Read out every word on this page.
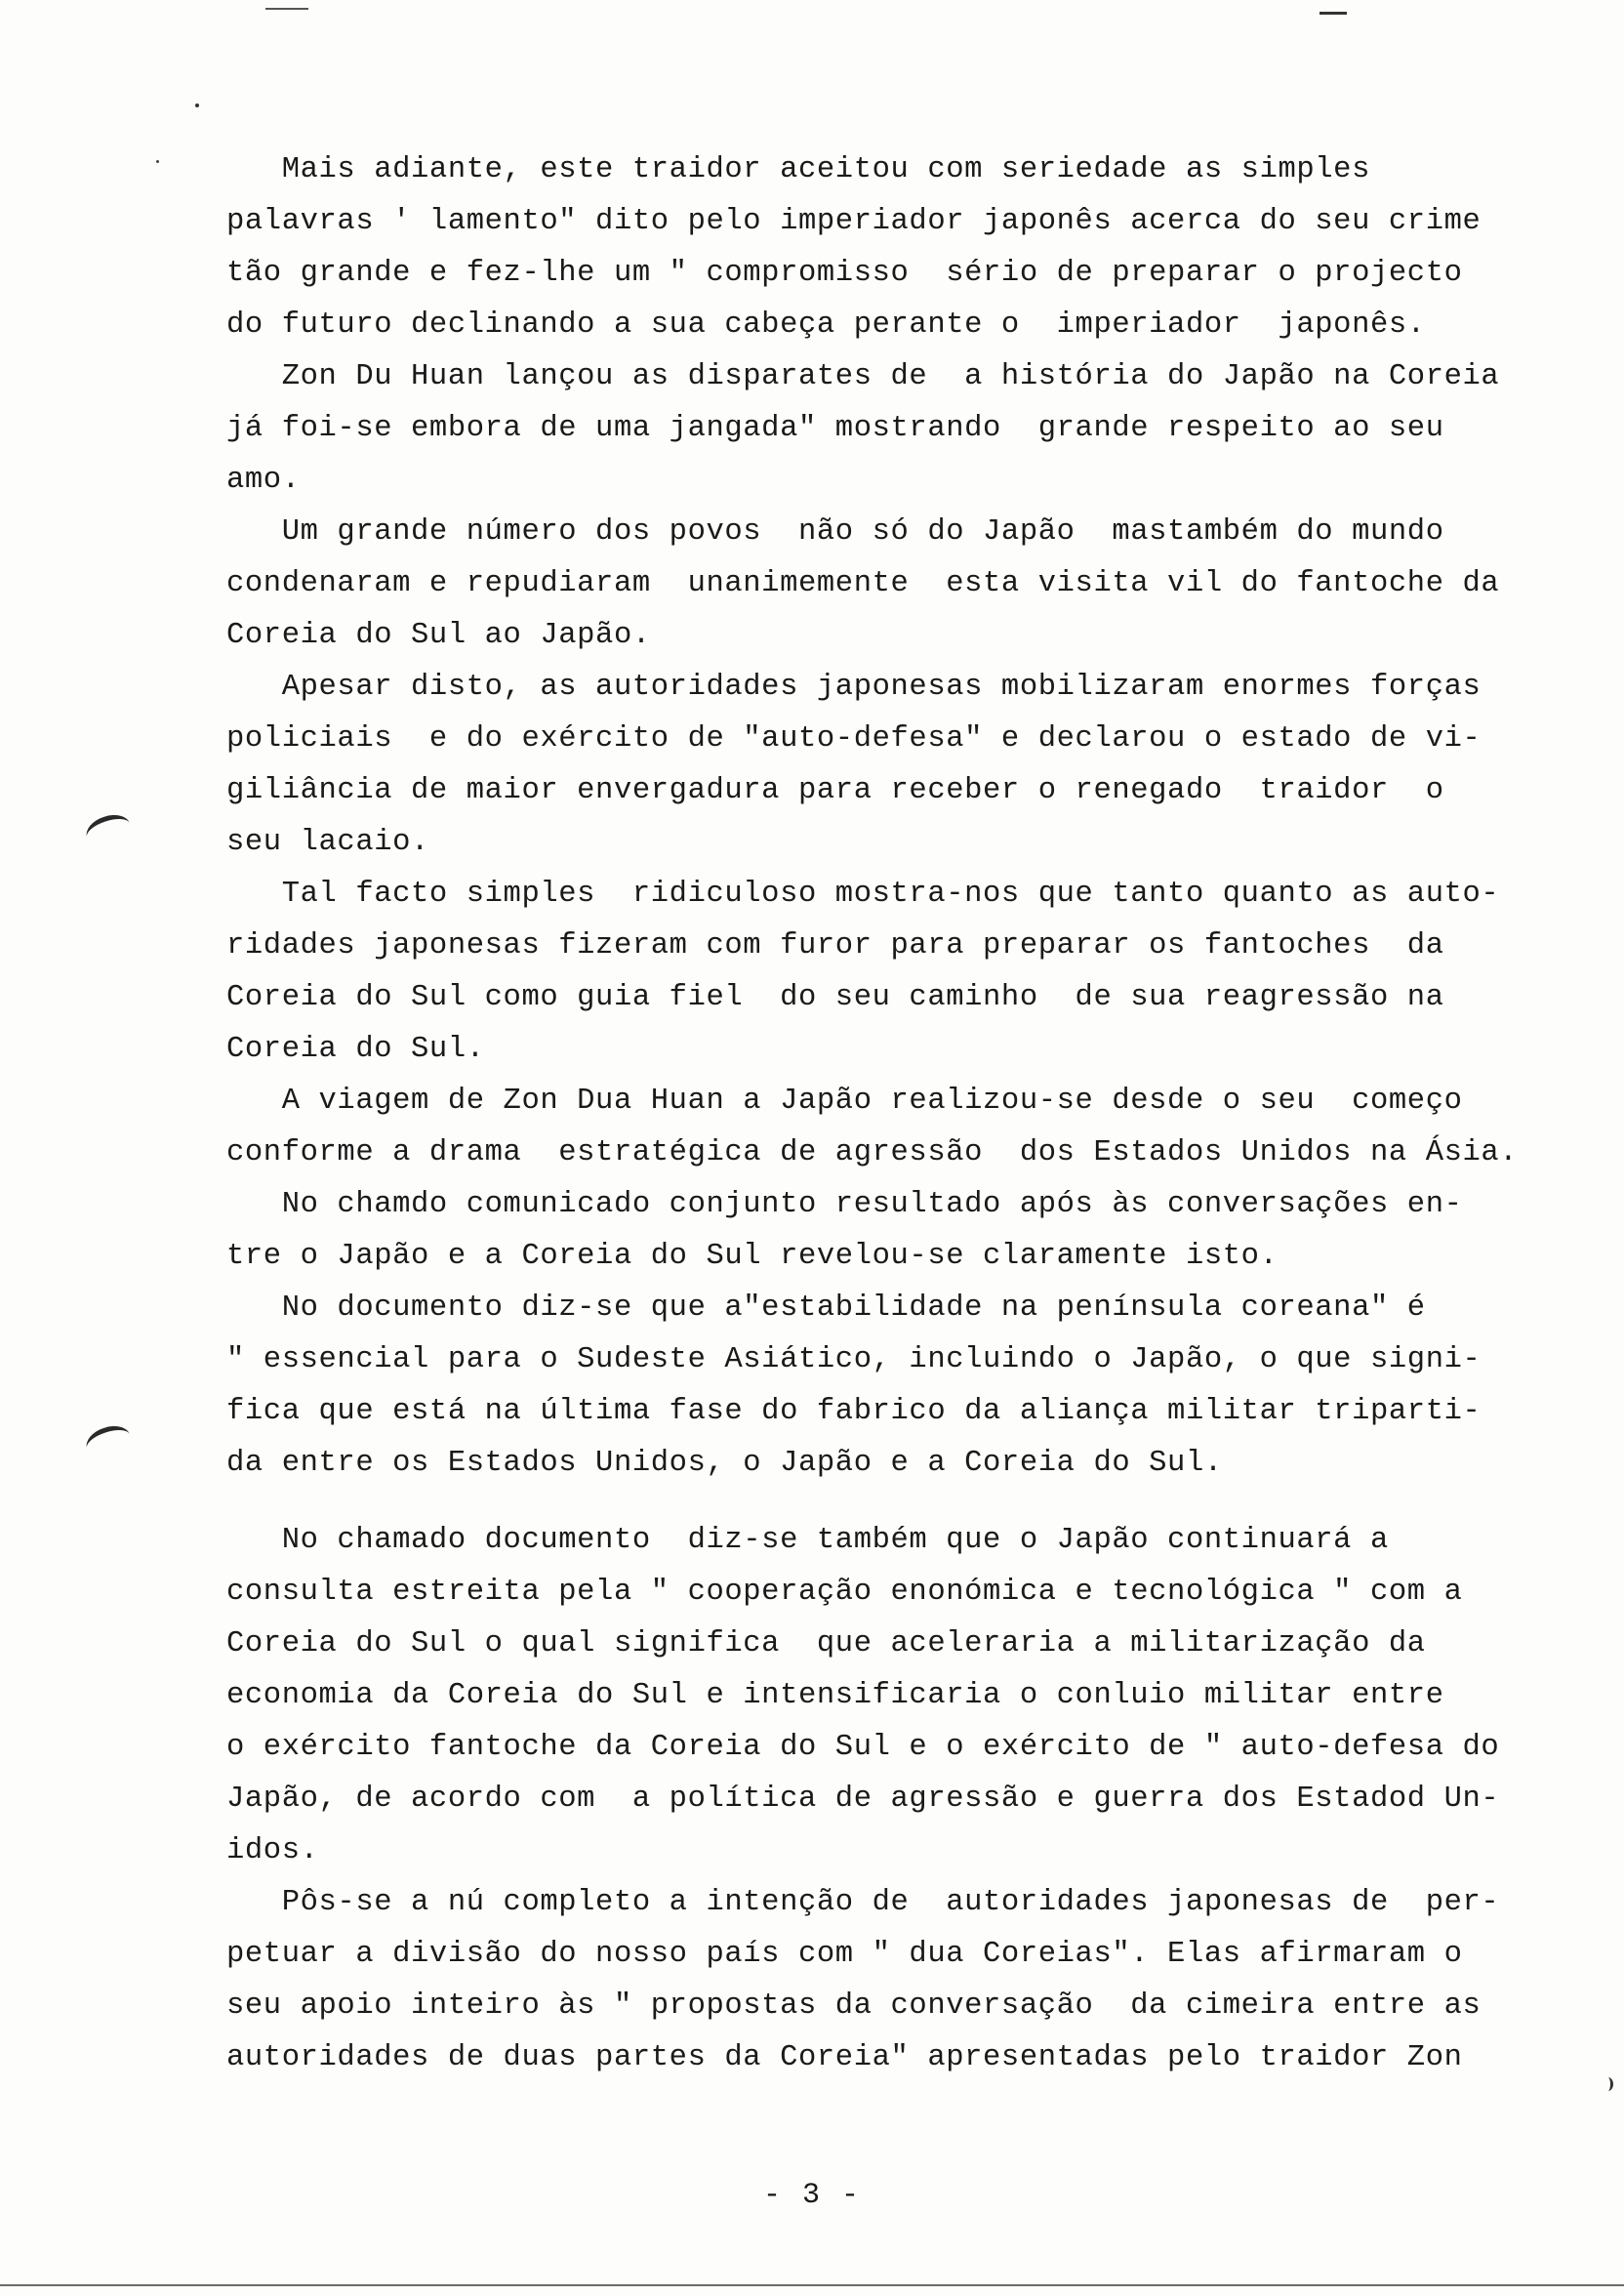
Mais adiante, este traidor aceitou com seriedade as simples
palavras ' lamento" dito pelo imperiador japonês acerca do seu crime
tão grande e fez-lhe um " compromisso  sério de preparar o projecto
do futuro declinando a sua cabeça perante o  imperiador  japonês.
Zon Du Huan lançou as disparates de  a história do Japão na Coreia
já foi-se embora de uma jangada" mostrando  grande respeito ao seu
amo.
Um grande número dos povos  não só do Japão  mastambém do mundo
condenaram e repudiaram  unanimemente  esta visita vil do fantoche da
Coreia do Sul ao Japão.
Apesar disto, as autoridades japonesas mobilizaram enormes forças
policiais  e do exército de "auto-defesa" e declarou o estado de vi-
giliância de maior envergadura para receber o renegado  traidor  o
seu lacaio.
Tal facto simples  ridiculoso mostra-nos que tanto quanto as auto-
ridades japonesas fizeram com furor para preparar os fantoches  da
Coreia do Sul como guia fiel  do seu caminho  de sua reagressão na
Coreia do Sul.
A viagem de Zon Dua Huan a Japão realizou-se desde o seu  começo
conforme a drama  estratégica de agressão  dos Estados Unidos na Ásia.
No chamdo comunicado conjunto resultado após às conversações en-
tre o Japão e a Coreia do Sul revelou-se claramente isto.
No documento diz-se que a"estabilidade na península coreana" é
" essencial para o Sudeste Asiático, incluindo o Japão, o que signi-
fica que está na última fase do fabrico da aliança militar triparti-
da entre os Estados Unidos, o Japão e a Coreia do Sul.
No chamado documento  diz-se também que o Japão continuará a
consulta estreita pela " cooperação enonómica e tecnológica " com a
Coreia do Sul o qual significa  que aceleraria a militarização da
economia da Coreia do Sul e intensificaria o conluio militar entre
o exército fantoche da Coreia do Sul e o exército de " auto-defesa do
Japão, de acordo com  a política de agressão e guerra dos Estadod Un-
idos.
Pôs-se a nú completo a intenção de  autoridades japonesas de  per-
petuar a divisão do nosso país com " dua Coreias". Elas afirmaram o
seu apoio inteiro às " propostas da conversação  da cimeira entre as
autoridades de duas partes da Coreia" apresentadas pelo traidor Zon
- 3 -
